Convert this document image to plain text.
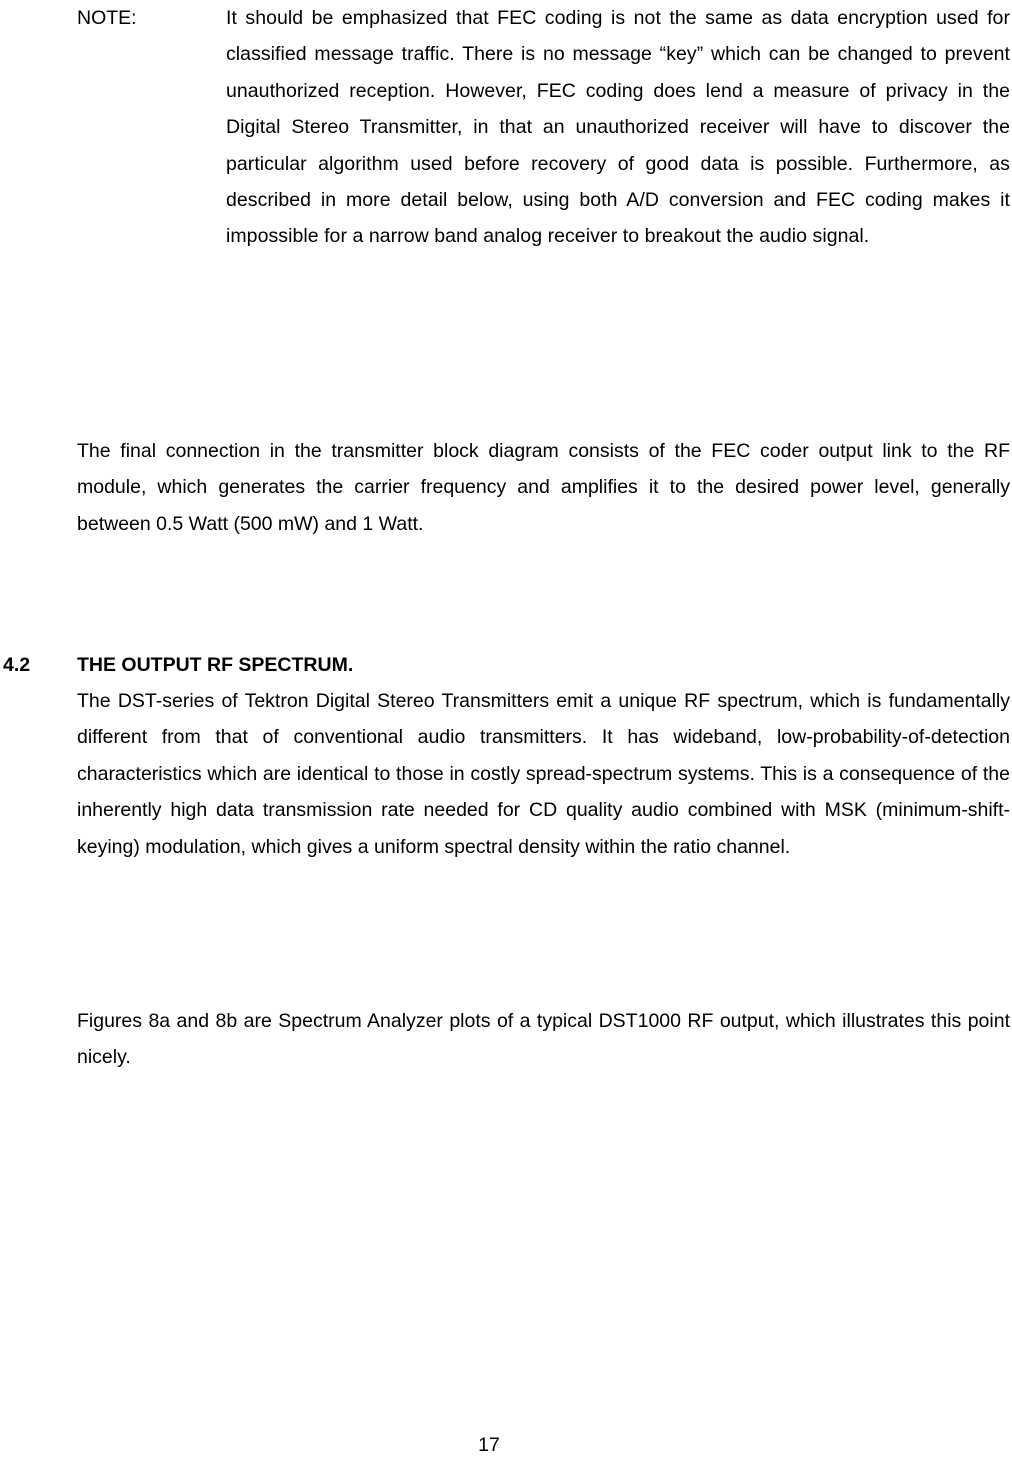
NOTE:	It should be emphasized that FEC coding is not the same as data encryption used for classified message traffic. There is no message “key” which can be changed to prevent unauthorized reception. However, FEC coding does lend a measure of privacy in the Digital Stereo Transmitter, in that an unauthorized receiver will have to discover the particular algorithm used before recovery of good data is possible. Furthermore, as described in more detail below, using both A/D conversion and FEC coding makes it impossible for a narrow band analog receiver to breakout the audio signal.

The final connection in the transmitter block diagram consists of the FEC coder output link to the RF module, which generates the carrier frequency and amplifies it to the desired power level, generally between 0.5 Watt (500 mW) and 1 Watt.

4.2 THE OUTPUT RF SPECTRUM.

The DST-series of Tektron Digital Stereo Transmitters emit a unique RF spectrum, which is fundamentally different from that of conventional audio transmitters. It has wideband, low-probability-of-detection characteristics which are identical to those in costly spread-spectrum systems. This is a consequence of the inherently high data transmission rate needed for CD quality audio combined with MSK (minimum-shift-keying) modulation, which gives a uniform spectral density within the ratio channel.

Figures 8a and 8b are Spectrum Analyzer plots of a typical DST1000 RF output, which illustrates this point nicely.

17
